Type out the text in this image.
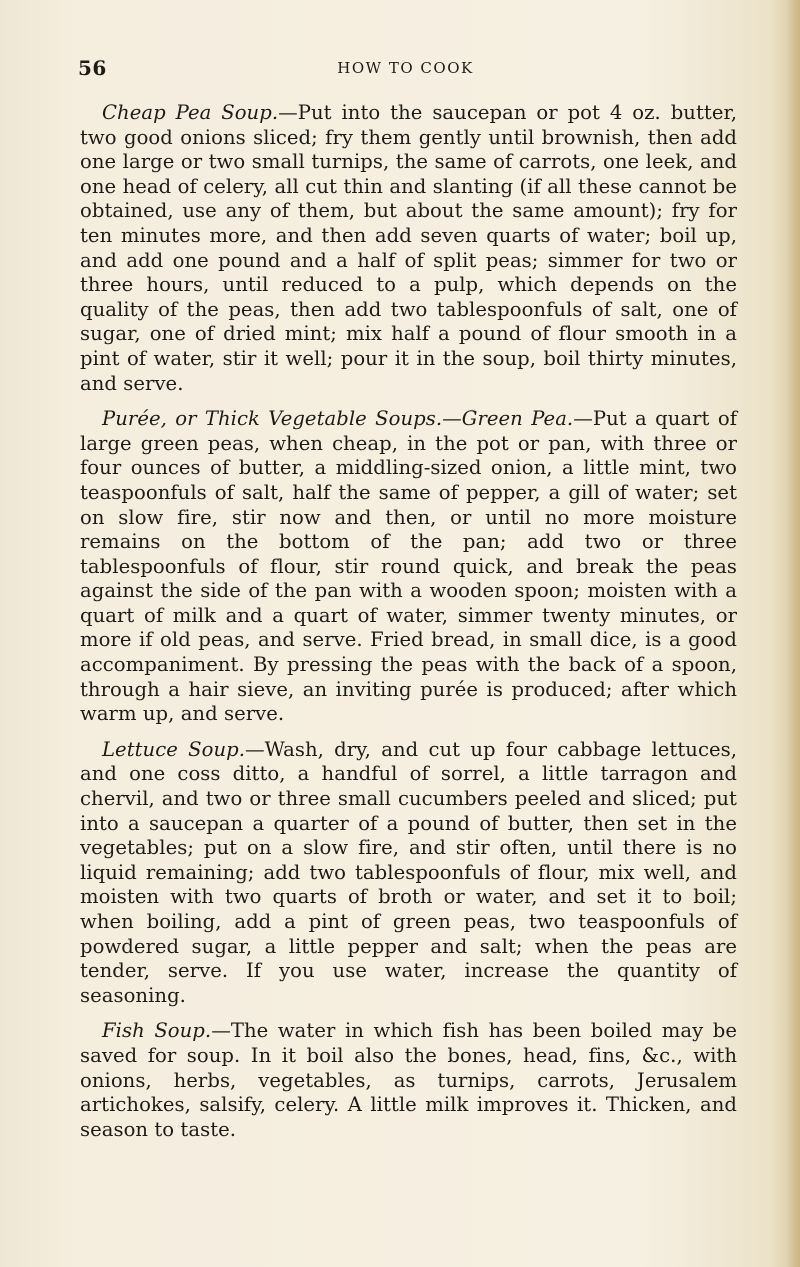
56	HOW TO COOK

Cheap Pea Soup.—Put into the saucepan or pot 4 oz. butter, two good onions sliced; fry them gently until brownish, then add one large or two small turnips, the same of carrots, one leek, and one head of celery, all cut thin and slanting (if all these cannot be obtained, use any of them, but about the same amount); fry for ten minutes more, and then add seven quarts of water; boil up, and add one pound and a half of split peas; simmer for two or three hours, until reduced to a pulp, which depends on the quality of the peas, then add two tablespoonfuls of salt, one of sugar, one of dried mint; mix half a pound of flour smooth in a pint of water, stir it well; pour it in the soup, boil thirty minutes, and serve.

Purée, or Thick Vegetable Soups.—Green Pea.—Put a quart of large green peas, when cheap, in the pot or pan, with three or four ounces of butter, a middling-sized onion, a little mint, two teaspoonfuls of salt, half the same of pepper, a gill of water; set on slow fire, stir now and then, or until no more moisture remains on the bottom of the pan; add two or three tablespoonfuls of flour, stir round quick, and break the peas against the side of the pan with a wooden spoon; moisten with a quart of milk and a quart of water, simmer twenty minutes, or more if old peas, and serve. Fried bread, in small dice, is a good accompaniment. By pressing the peas with the back of a spoon, through a hair sieve, an inviting purée is produced; after which warm up, and serve.

Lettuce Soup.—Wash, dry, and cut up four cabbage lettuces, and one coss ditto, a handful of sorrel, a little tarragon and chervil, and two or three small cucumbers peeled and sliced; put into a saucepan a quarter of a pound of butter, then set in the vegetables; put on a slow fire, and stir often, until there is no liquid remaining; add two tablespoonfuls of flour, mix well, and moisten with two quarts of broth or water, and set it to boil; when boiling, add a pint of green peas, two teaspoonfuls of powdered sugar, a little pepper and salt; when the peas are tender, serve. If you use water, increase the quantity of seasoning.

Fish Soup.—The water in which fish has been boiled may be saved for soup. In it boil also the bones, head, fins, &c., with onions, herbs, vegetables, as turnips, carrots, Jerusalem artichokes, salsify, celery. A little milk improves it. Thicken, and season to taste.
